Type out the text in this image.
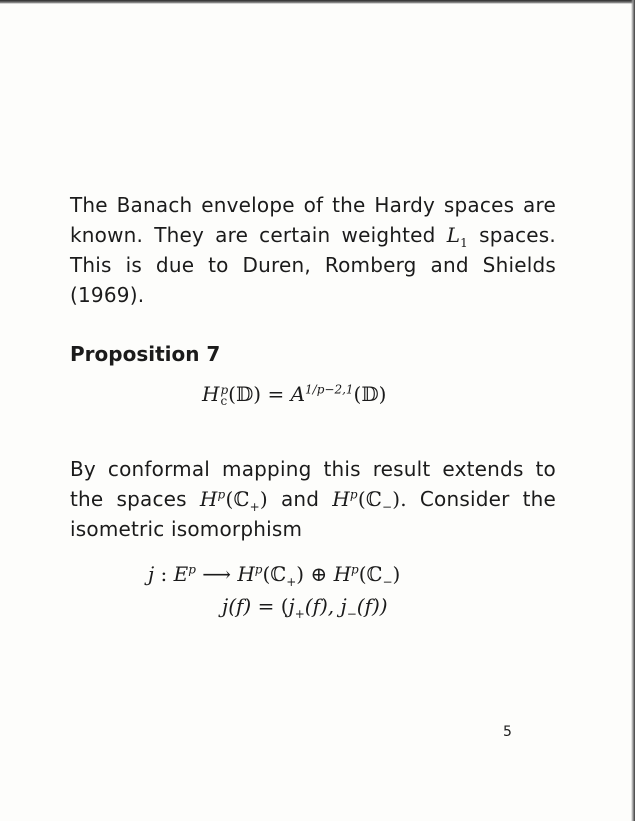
The Banach envelope of the Hardy spaces are
known. They are certain weighted $L_1$ spaces.
This is due to Duren, Romberg and Shields
(1969).
Proposition 7
H p
c (𝔻) = $A^{1/p-2,1}(𝔻)$
By conformal mapping this result extends to
the spaces $H^p(ℂ_+)$ and $H^p(ℂ_-)$. Consider the
isometric isomorphism
j : $E^p$ ⟶ $H^p(ℂ_+)$ ⊕ $H^p(ℂ_-)$
$j(f) = (j_+(f)$, $j_-(f)$)
5
